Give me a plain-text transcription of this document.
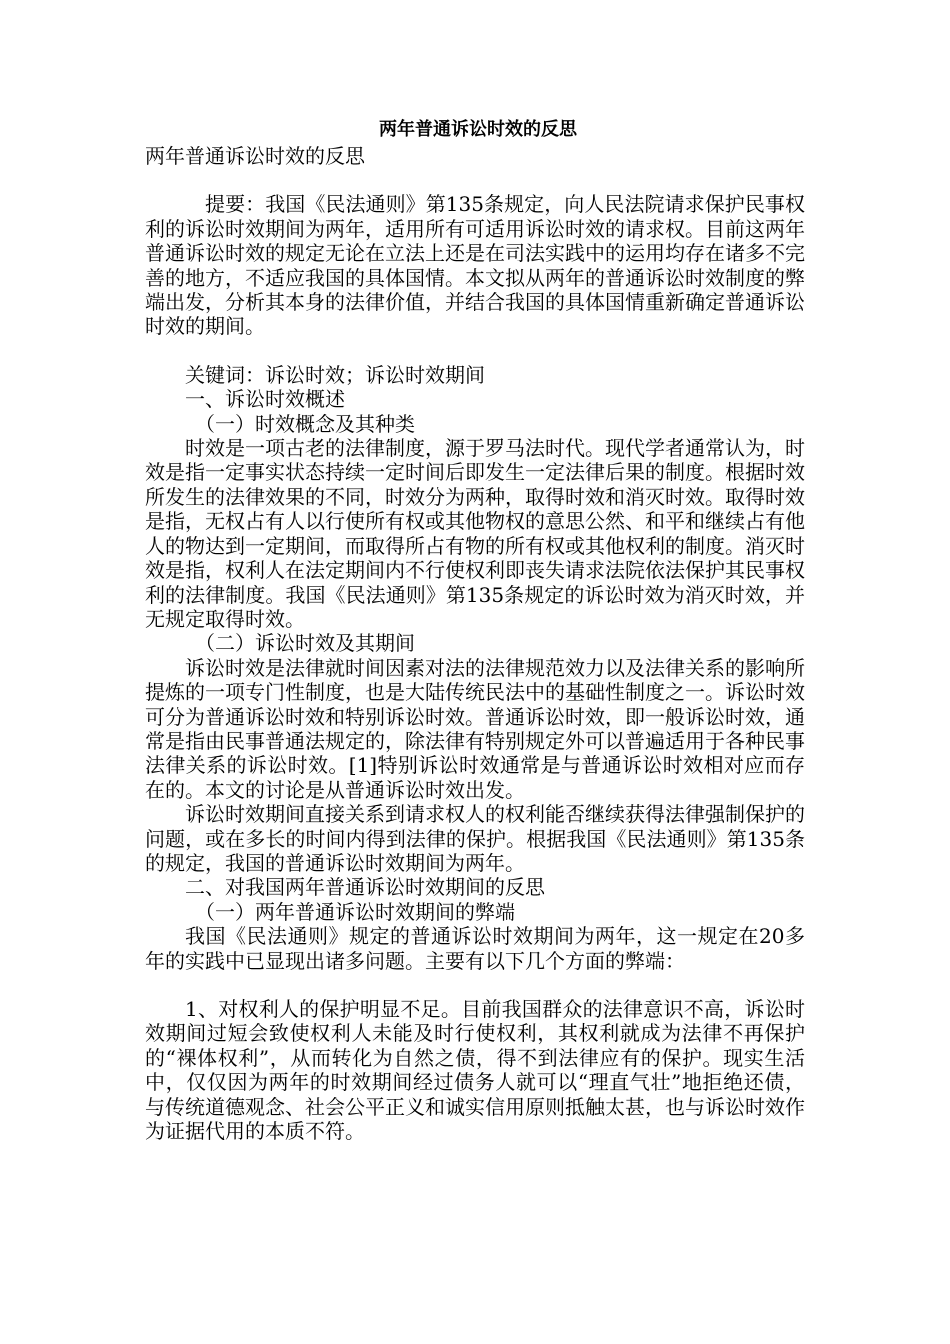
两年普通诉讼时效的反思
两年普通诉讼时效的反思

提要：我国《民法通则》第135条规定，向人民法院请求保护民事权利的诉讼时效期间为两年，适用所有可适用诉讼时效的请求权。目前这两年普通诉讼时效的规定无论在立法上还是在司法实践中的运用均存在诸多不完善的地方，不适应我国的具体国情。本文拟从两年的普通诉讼时效制度的弊端出发，分析其本身的法律价值，并结合我国的具体国情重新确定普通诉讼时效的期间。

关键词：诉讼时效；诉讼时效期间

一、诉讼时效概述

（一）时效概念及其种类

时效是一项古老的法律制度，源于罗马法时代。现代学者通常认为，时效是指一定事实状态持续一定时间后即发生一定法律后果的制度。根据时效所发生的法律效果的不同，时效分为两种，取得时效和消灭时效。取得时效是指，无权占有人以行使所有权或其他物权的意思公然、和平和继续占有他人的物达到一定期间，而取得所占有物的所有权或其他权利的制度。消灭时效是指，权利人在法定期间内不行使权利即丧失请求法院依法保护其民事权利的法律制度。我国《民法通则》第135条规定的诉讼时效为消灭时效，并无规定取得时效。

（二）诉讼时效及其期间

诉讼时效是法律就时间因素对法的法律规范效力以及法律关系的影响所提炼的一项专门性制度，也是大陆传统民法中的基础性制度之一。诉讼时效可分为普通诉讼时效和特别诉讼时效。普通诉讼时效，即一般诉讼时效，通常是指由民事普通法规定的，除法律有特别规定外可以普遍适用于各种民事法律关系的诉讼时效。[1]特别诉讼时效通常是与普通诉讼时效相对应而存在的。本文的讨论是从普通诉讼时效出发。

诉讼时效期间直接关系到请求权人的权利能否继续获得法律强制保护的问题，或在多长的时间内得到法律的保护。根据我国《民法通则》第135条的规定，我国的普通诉讼时效期间为两年。

二、对我国两年普通诉讼时效期间的反思

（一）两年普通诉讼时效期间的弊端

我国《民法通则》规定的普通诉讼时效期间为两年，这一规定在20多年的实践中已显现出诸多问题。主要有以下几个方面的弊端：

1、对权利人的保护明显不足。目前我国群众的法律意识不高，诉讼时效期间过短会致使权利人未能及时行使权利，其权利就成为法律不再保护的“裸体权利”，从而转化为自然之债，得不到法律应有的保护。现实生活中，仅仅因为两年的时效期间经过债务人就可以“理直气壮”地拒绝还债，与传统道德观念、社会公平正义和诚实信用原则抵触太甚，也与诉讼时效作为证据代用的本质不符。
